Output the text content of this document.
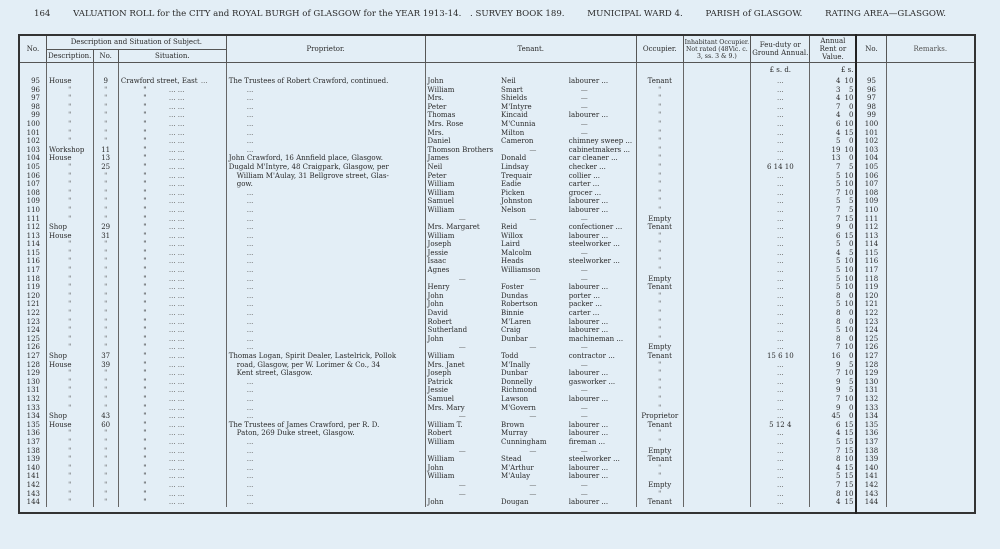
164	VALUATION ROLL for the CITY and ROYAL BURGH of GLASGOW for the YEAR 1913-14. . SURVEY BOOK 189.	MUNICIPAL WARD 4.	PARISH of GLASGOW.	RATING AREA—GLASGOW.
No.	Description and Situation of Subject.			Proprietor.	Tenant.			Occupier.	Inhabitant Occupier. Not rated (48Vic. c. 3, ss. 3 & 9.)	Feu-duty or Ground Annual.	Annual Rent or Value.	No.	Remarks.
	Description.	No.	Situation.										
										£ s. d.	£ s.		
95	House	9	Crawford street, East ...	The Trustees of Robert Crawford, continued.	John	Neil	labourer ...	Tenant		...	4 10	95	
96	"	"	" ... ...	...	William	Smart	—	"		...	3 5	96	
97	"	"	" ... ...	...	Mrs.	Shields	—	"		...	4 10	97	
98	"	"	" ... ...	...	Peter	M'Intyre	—	"		...	7 0	98	
99	"	"	" ... ...	...	Thomas	Kincaid	labourer ...	"		...	4 0	99	
100	"	"	" ... ...	...	Mrs. Rose	M'Cunnia	—	"		...	6 10	100	
101	"	"	" ... ...	...	Mrs.	Milton	—	"		...	4 15	101	
102	"	"	" ... ...	...	Daniel	Cameron	chimney sweep ...	"		...	5 0	102	
103	Workshop	11	" ... ...	...	Thomson Brothers	—	cabinetmakers ...	"		...	19 10	103	
104	House	13	" ... ...	John Crawford, 16 Annfield place, Glasgow.	James	Donald	car cleaner ...	"		...	13 0	104	
105	"	25	" ... ...	Dugald M'Intyre, 48 Craigpark, Glasgow, per	Neil	Lindsay	checker ...	"		6 14 10	7 5	105	
106	"	"	" ... ...	William M'Aulay, 31 Bellgrove street, Glas-	Peter	Trequair	collier ...	"		...	5 10	106	
107	"	"	" ... ...	gow.	William	Eadie	carter ...	"		...	5 10	107	
108	"	"	" ... ...	...	William	Picken	grocer ...	"		...	7 10	108	
109	"	"	" ... ...	...	Samuel	Johnston	labourer ...	"		...	5 5	109	
110	"	"	" ... ...	...	William	Nelson	labourer ...	"		...	7 5	110	
111	"	"	" ... ...	...	—	—	—	Empty		...	7 15	111	
112	Shop	29	" ... ...	...	Mrs. Margaret	Reid	confectioner ...	Tenant		...	9 0	112	
113	House	31	" ... ...	...	William	Willox	labourer ...	"		...	6 15	113	
114	"	"	" ... ...	...	Joseph	Laird	steelworker ...	"		...	5 0	114	
115	"	"	" ... ...	...	Jessie	Malcolm	—	"		...	4 5	115	
116	"	"	" ... ...	...	Isaac	Heads	steelworker ...	"		...	5 10	116	
117	"	"	" ... ...	...	Agnes	Williamson	—	"		...	5 10	117	
118	"	"	" ... ...	...	—	—	—	Empty		...	5 10	118	
119	"	"	" ... ...	...	Henry	Foster	labourer ...	Tenant		...	5 10	119	
120	"	"	" ... ...	...	John	Dundas	porter ...	"		...	8 0	120	
121	"	"	" ... ...	...	John	Robertson	packer ...	"		...	5 10	121	
122	"	"	" ... ...	...	David	Binnie	carter ...	"		...	8 0	122	
123	"	"	" ... ...	...	Robert	M'Laren	labourer ...	"		...	8 0	123	
124	"	"	" ... ...	...	Sutherland	Craig	labourer ...	"		...	5 10	124	
125	"	"	" ... ...	...	John	Dunbar	machineman ...	"		...	8 0	125	
126	"	"	" ... ...	...	—	—	—	Empty		...	7 10	126	
127	Shop	37	" ... ...	Thomas Logan, Spirit Dealer, Lastelrick, Pollok	William	Todd	contractor ...	Tenant		15 6 10	16 0	127	
128	House	39	" ... ...	road, Glasgow, per W. Lorimer & Co., 34	Mrs. Janet	M'Inally	—	"		...	9 5	128	
129	"	"	" ... ...	Kent street, Glasgow.	Joseph	Dunbar	labourer ...	"		...	7 10	129	
130	"	"	" ... ...	...	Patrick	Donnelly	gasworker ...	"		...	9 5	130	
131	"	"	" ... ...	...	Jessie	Richmond	—	"		...	9 5	131	
132	"	"	" ... ...	...	Samuel	Lawson	labourer ...	"		...	7 10	132	
133	"	"	" ... ...	...	Mrs. Mary	M'Govern	—	"		...	9 0	133	
134	Shop	43	" ... ...	...	—	—	—	Proprietor		...	45 0	134	
135	House	60	" ... ...	The Trustees of James Crawford, per R. D.	William T.	Brown	labourer ...	Tenant		5 12 4	6 15	135	
136	"	"	" ... ...	Paton, 269 Duke street, Glasgow.	Robert	Murray	labourer ...	"		...	4 15	136	
137	"	"	" ... ...	...	William	Cunningham	fireman ...	"		...	5 15	137	
138	"	"	" ... ...	...	—	—	—	Empty		...	7 15	138	
139	"	"	" ... ...	...	William	Stead	steelworker ...	Tenant		...	8 10	139	
140	"	"	" ... ...	...	John	M'Arthur	labourer ...	"		...	4 15	140	
141	"	"	" ... ...	...	William	M'Aulay	labourer ...	"		...	5 15	141	
142	"	"	" ... ...	...	—	—	—	Empty		...	7 15	142	
143	"	"	" ... ...	...	—	—	—	"		...	8 10	143	
144	"	"	" ... ...	...	John	Dougan	labourer ...	Tenant		...	4 15	144	
